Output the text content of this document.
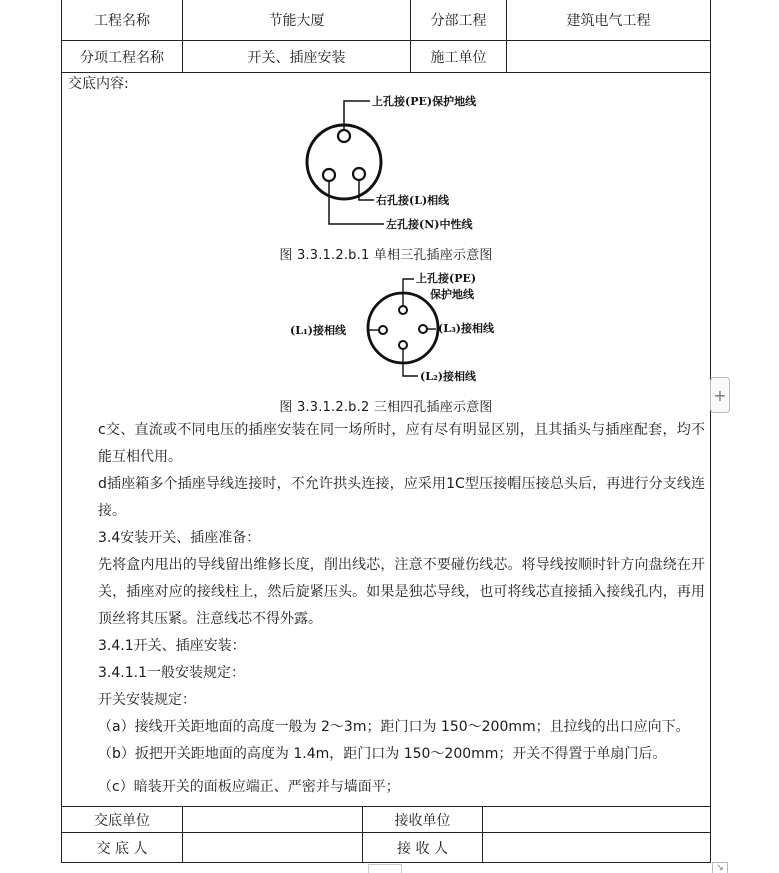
工程名称	节能大厦	分部工程	建筑电气工程
分项工程名称	开关、插座安装	施工单位
交底内容:
上孔接(PE)保护地线
右孔接(L)相线
左孔接(N)中性线
图 3.3.1.2.b.1 单相三孔插座示意图
上孔接(PE)
保护地线
(L₁)接相线	(L₃)接相线
(L₂)接相线
图 3.3.1.2.b.2 三相四孔插座示意图

c交、直流或不同电压的插座安装在同一场所时，应有尽有明显区别，且其插头与插座配套，均不能互相代用。

d插座箱多个插座导线连接时，不允许拱头连接，应采用1C型压接帽压接总头后，再进行分支线连接。

3.4安装开关、插座准备：

先将盒内甩出的导线留出维修长度，削出线芯，注意不要碰伤线芯。将导线按顺时针方向盘绕在开关，插座对应的接线柱上，然后旋紧压头。如果是独芯导线，也可将线芯直接插入接线孔内，再用顶丝将其压紧。注意线芯不得外露。

3.4.1开关、插座安装：

3.4.1.1一般安装规定：

开关安装规定：

（a）接线开关距地面的高度一般为 2～3m；距门口为 150～200mm；且拉线的出口应向下。

（b）扳把开关距地面的高度为 1.4m，距门口为 150～200mm；开关不得置于单扇门后。

（c）暗装开关的面板应端正、严密并与墙面平；

交底单位	接收单位
交 底 人	接 收 人
+
↘
